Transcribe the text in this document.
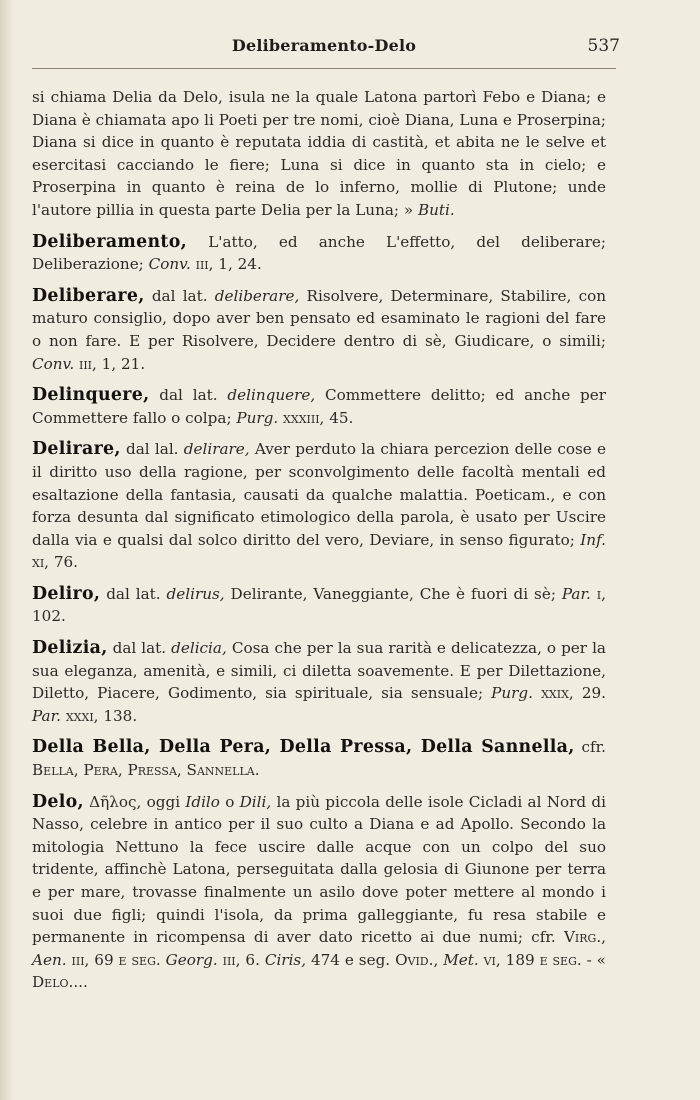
Deliberamento-Delo	537

si chiama Delia da Delo, isula ne la quale Latona partorì Febo e Diana; e Diana è chiamata apo li Poeti per tre nomi, cioè Diana, Luna e Proserpina; Diana si dice in quanto è reputata iddia di castità, et abita ne le selve et esercitasi cacciando le fiere; Luna si dice in quanto sta in cielo; e Proserpina in quanto è reina de lo inferno, mollie di Plutone; unde l'autore pillia in questa parte Delia per la Luna; » Buti.

Deliberamento, L'atto, ed anche L'effetto, del deliberare; Deliberazione; Conv. iii, 1, 24.

Deliberare, dal lat. deliberare, Risolvere, Determinare, Stabilire, con maturo consiglio, dopo aver ben pensato ed esaminato le ragioni del fare o non fare. E per Risolvere, Decidere dentro di sè, Giudicare, o simili; Conv. iii, 1, 21.

Delinquere, dal lat. delinquere, Commettere delitto; ed anche per Commettere fallo o colpa; Purg. xxxiii, 45.

Delirare, dal lal. delirare, Aver perduto la chiara percezion delle cose e il diritto uso della ragione, per sconvolgimento delle facoltà mentali ed esaltazione della fantasia, causati da qualche malattia. Poeticam., e con forza desunta dal significato etimologico della parola, è usato per Uscire dalla via e qualsi dal solco diritto del vero, Deviare, in senso figurato; Inf. xi, 76.

Deliro, dal lat. delirus, Delirante, Vaneggiante, Che è fuori di sè; Par. i, 102.

Delizia, dal lat. delicia, Cosa che per la sua rarità e delicatezza, o per la sua eleganza, amenità, e simili, ci diletta soavemente. E per Dilettazione, Diletto, Piacere, Godimento, sia spirituale, sia sensuale; Purg. xxix, 29. Par. xxxi, 138.

Della Bella, Della Pera, Della Pressa, Della Sannella, cfr. Bella, Pera, Pressa, Sannella.

Delo, Δῆλος, oggi Idilo o Dili, la più piccola delle isole Cicladi al Nord di Nasso, celebre in antico per il suo culto a Diana e ad Apollo. Secondo la mitologia Nettuno la fece uscire dalle acque con un colpo del suo tridente, affinchè Latona, perseguitata dalla gelosia di Giunone per terra e per mare, trovasse finalmente un asilo dove poter mettere al mondo i suoi due figli; quindi l'isola, da prima galleggiante, fu resa stabile e permanente in ricompensa di aver dato ricetto ai due numi; cfr. Virg., Aen. iii, 69 e seg. Georg. iii, 6. Ciris, 474 e seg. Ovid., Met. vi, 189 e seg. - « Delo....
